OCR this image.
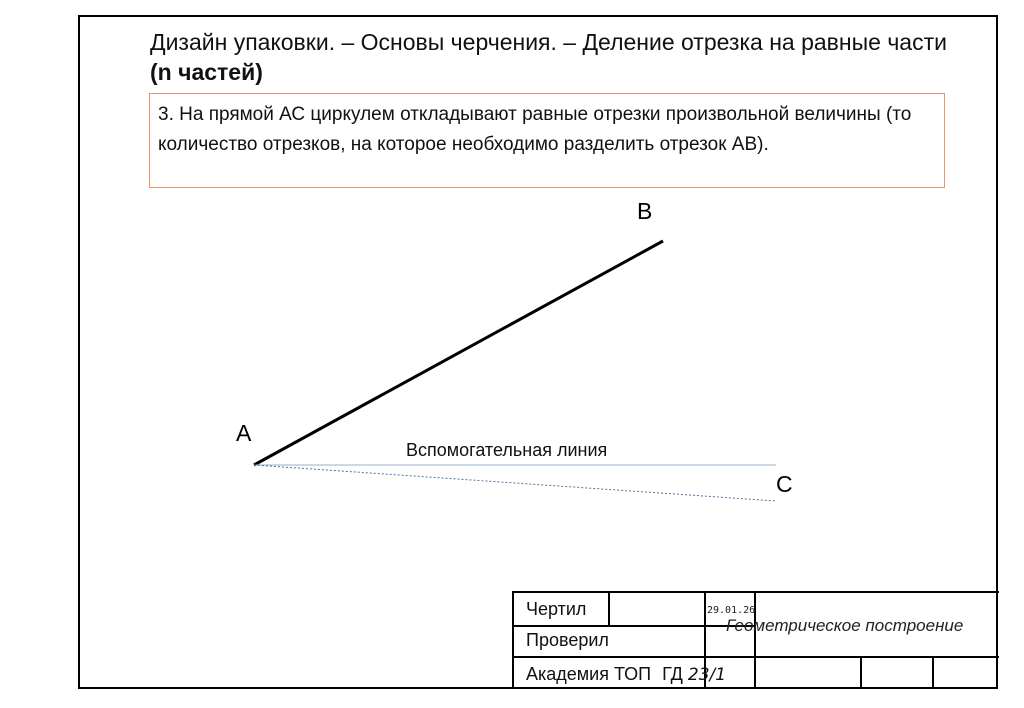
Дизайн упаковки. – Основы черчения. – Деление отрезка на равные части
(n частей)
3. На прямой АС циркулем откладывают равные отрезки произвольной величины (то количество отрезков, на которое необходимо разделить отрезок АВ).
B
A
C
Вспомогательная линия
Чертил
Проверил
29.01.26
Академия ТОП ГД 23/1
Геометрическое построение
